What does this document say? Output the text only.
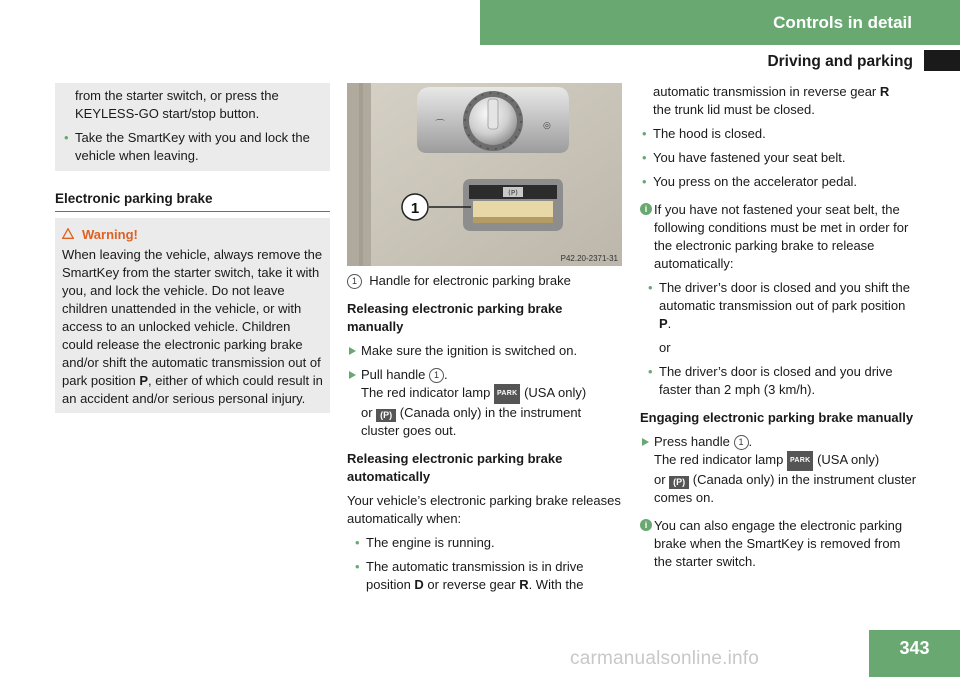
Controls in detail
Driving and parking
from the starter switch, or press the KEYLESS-GO start/stop button.
• Take the SmartKey with you and lock the vehicle when leaving.
Electronic parking brake
Warning!
When leaving the vehicle, always remove the SmartKey from the starter switch, take it with you, and lock the vehicle. Do not leave children unattended in the vehicle, or with access to an unlocked vehicle. Children could release the electronic parking brake and/or shift the automatic transmission out of park position P, either of which could result in an accident and/or serious personal injury.
⌒	◎
(P)
1
P42.20-2371-31
1 Handle for electronic parking brake
Releasing electronic parking brake manually
Make sure the ignition is switched on.
Pull handle 1 .
The red indicator lamp PARK (USA only)
or (P) (Canada only) in the instrument cluster goes out.
Releasing electronic parking brake automatically
Your vehicle’s electronic parking brake releases automatically when:
• The engine is running.
• The automatic transmission is in drive position D or reverse gear R. With the
automatic transmission in reverse gear R
the trunk lid must be closed.
• The hood is closed.
• You have fastened your seat belt.
• You press on the accelerator pedal.
i If you have not fastened your seat belt, the following conditions must be met in order for the electronic parking brake to release automatically:
• The driver’s door is closed and you shift the automatic transmission out of park position P.
or
• The driver’s door is closed and you drive faster than 2 mph (3 km/h).
Engaging electronic parking brake manually
Press handle 1 .
The red indicator lamp PARK (USA only)
or (P) (Canada only) in the instrument cluster comes on.
i You can also engage the electronic parking brake when the SmartKey is removed from the starter switch.
343
carmanualsonline.info
